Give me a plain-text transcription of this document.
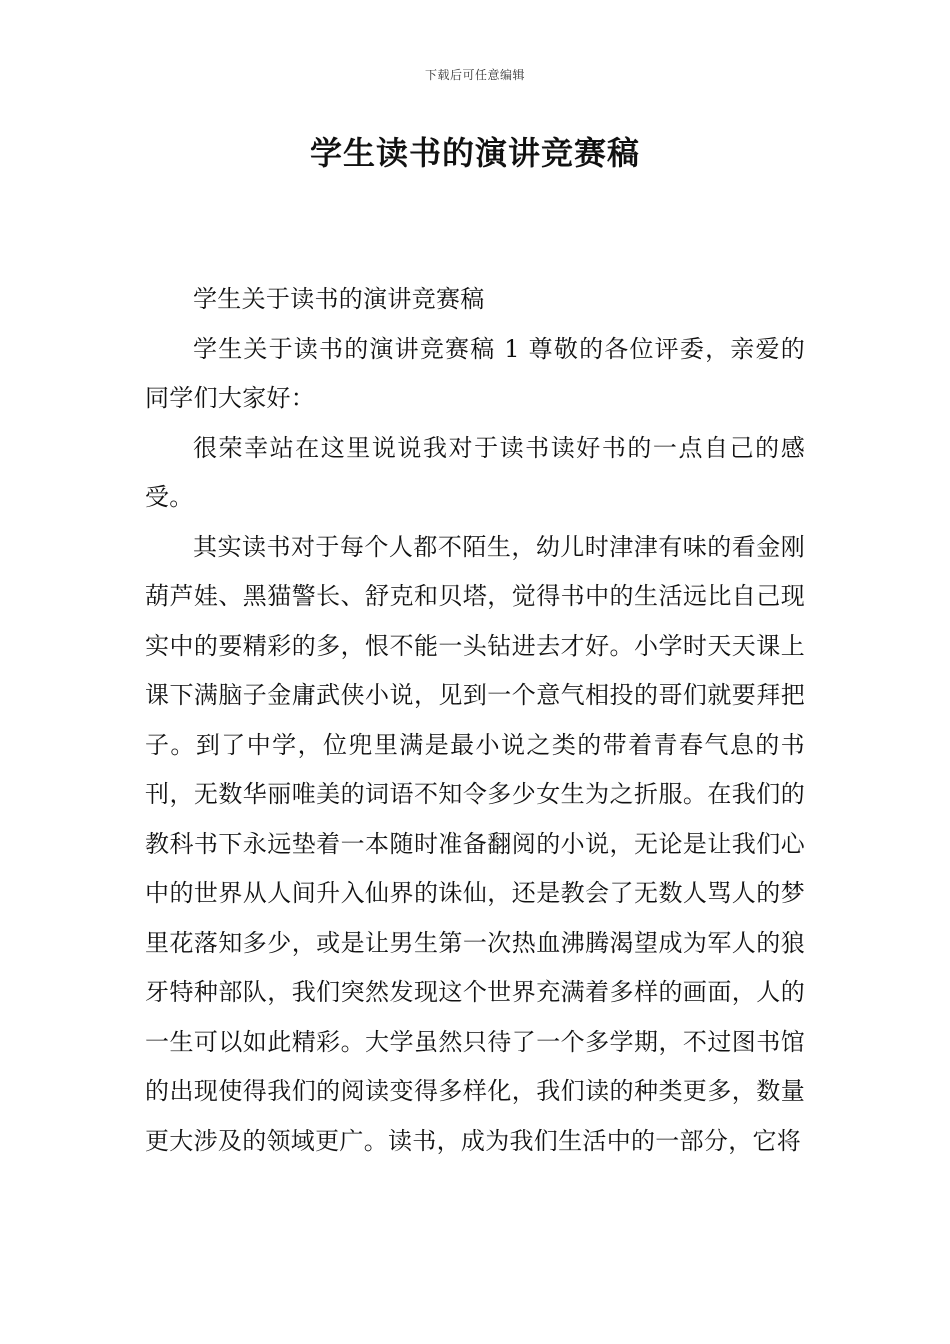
下载后可任意编辑
学生读书的演讲竞赛稿

学生关于读书的演讲竞赛稿

学生关于读书的演讲竞赛稿 1 尊敬的各位评委，亲爱的同学们大家好：

很荣幸站在这里说说我对于读书读好书的一点自己的感受。

其实读书对于每个人都不陌生，幼儿时津津有味的看金刚葫芦娃、黑猫警长、舒克和贝塔，觉得书中的生活远比自己现实中的要精彩的多，恨不能一头钻进去才好。小学时天天课上课下满脑子金庸武侠小说，见到一个意气相投的哥们就要拜把子。到了中学，位兜里满是最小说之类的带着青春气息的书刊，无数华丽唯美的词语不知令多少女生为之折服。在我们的教科书下永远垫着一本随时准备翻阅的小说，无论是让我们心中的世界从人间升入仙界的诛仙，还是教会了无数人骂人的梦里花落知多少，或是让男生第一次热血沸腾渴望成为军人的狼牙特种部队，我们突然发现这个世界充满着多样的画面，人的一生可以如此精彩。大学虽然只待了一个多学期，不过图书馆的出现使得我们的阅读变得多样化，我们读的种类更多，数量更大涉及的领域更广。读书，成为我们生活中的一部分，它将
